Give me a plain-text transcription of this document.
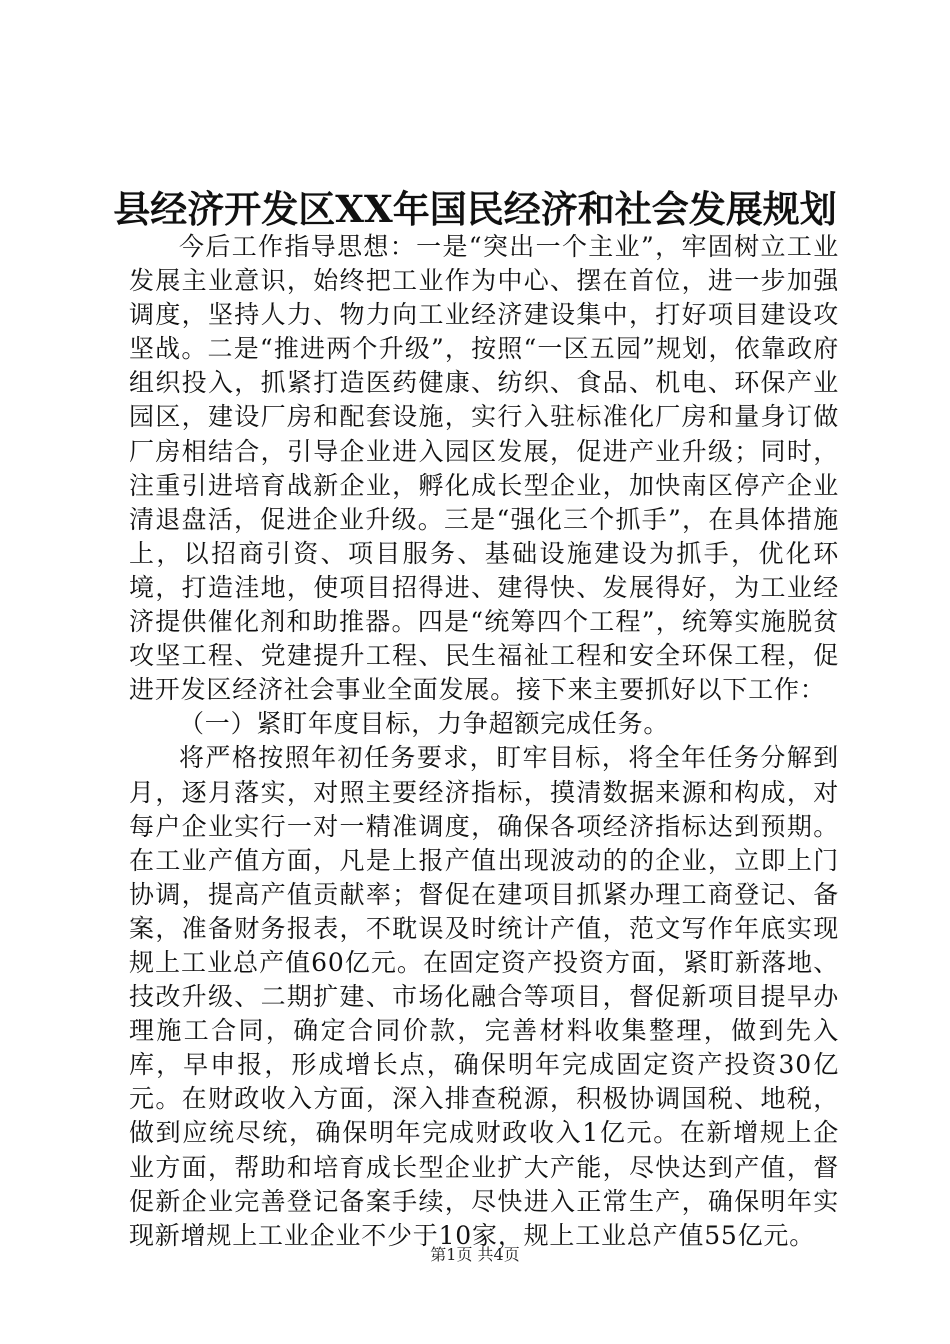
县经济开发区XX年国民经济和社会发展规划

今后工作指导思想：一是“突出一个主业”，牢固树立工业发展主业意识，始终把工业作为中心、摆在首位，进一步加强调度，坚持人力、物力向工业经济建设集中，打好项目建设攻坚战。二是“推进两个升级”，按照“一区五园”规划，依靠政府组织投入，抓紧打造医药健康、纺织、食品、机电、环保产业园区，建设厂房和配套设施，实行入驻标准化厂房和量身订做厂房相结合，引导企业进入园区发展，促进产业升级；同时，注重引进培育战新企业，孵化成长型企业，加快南区停产企业清退盘活，促进企业升级。三是“强化三个抓手”，在具体措施上，以招商引资、项目服务、基础设施建设为抓手，优化环境，打造洼地，使项目招得进、建得快、发展得好，为工业经济提供催化剂和助推器。四是“统筹四个工程”，统筹实施脱贫攻坚工程、党建提升工程、民生福祉工程和安全环保工程，促进开发区经济社会事业全面发展。接下来主要抓好以下工作：

（一）紧盯年度目标，力争超额完成任务。

将严格按照年初任务要求，盯牢目标，将全年任务分解到月，逐月落实，对照主要经济指标，摸清数据来源和构成，对每户企业实行一对一精准调度，确保各项经济指标达到预期。在工业产值方面，凡是上报产值出现波动的的企业，立即上门协调，提高产值贡献率；督促在建项目抓紧办理工商登记、备案，准备财务报表，不耽误及时统计产值，范文写作年底实现规上工业总产值60亿元。在固定资产投资方面，紧盯新落地、技改升级、二期扩建、市场化融合等项目，督促新项目提早办理施工合同，确定合同价款，完善材料收集整理，做到先入库，早申报，形成增长点，确保明年完成固定资产投资30亿元。在财政收入方面，深入排查税源，积极协调国税、地税，做到应统尽统，确保明年完成财政收入1亿元。在新增规上企业方面，帮助和培育成长型企业扩大产能，尽快达到产值，督促新企业完善登记备案手续，尽快进入正常生产，确保明年实现新增规上工业企业不少于10家，规上工业总产值55亿元。

第1页 共4页
